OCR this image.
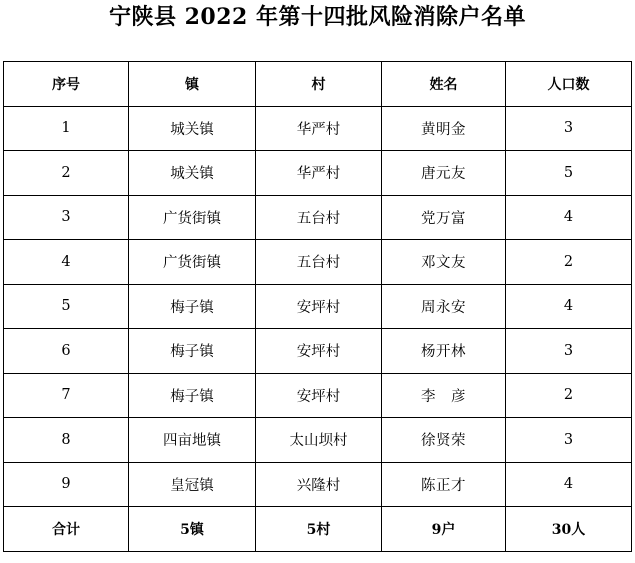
宁陕县 2022 年第十四批风险消除户名单
序号	镇	村	姓名	人口数
1	城关镇	华严村	黄明金	3
2	城关镇	华严村	唐元友	5
3	广货街镇	五台村	党万富	4
4	广货街镇	五台村	邓文友	2
5	梅子镇	安坪村	周永安	4
6	梅子镇	安坪村	杨开林	3
7	梅子镇	安坪村	李　彦	2
8	四亩地镇	太山坝村	徐贤荣	3
9	皇冠镇	兴隆村	陈正才	4
合计	5镇	5村	9户	30人
